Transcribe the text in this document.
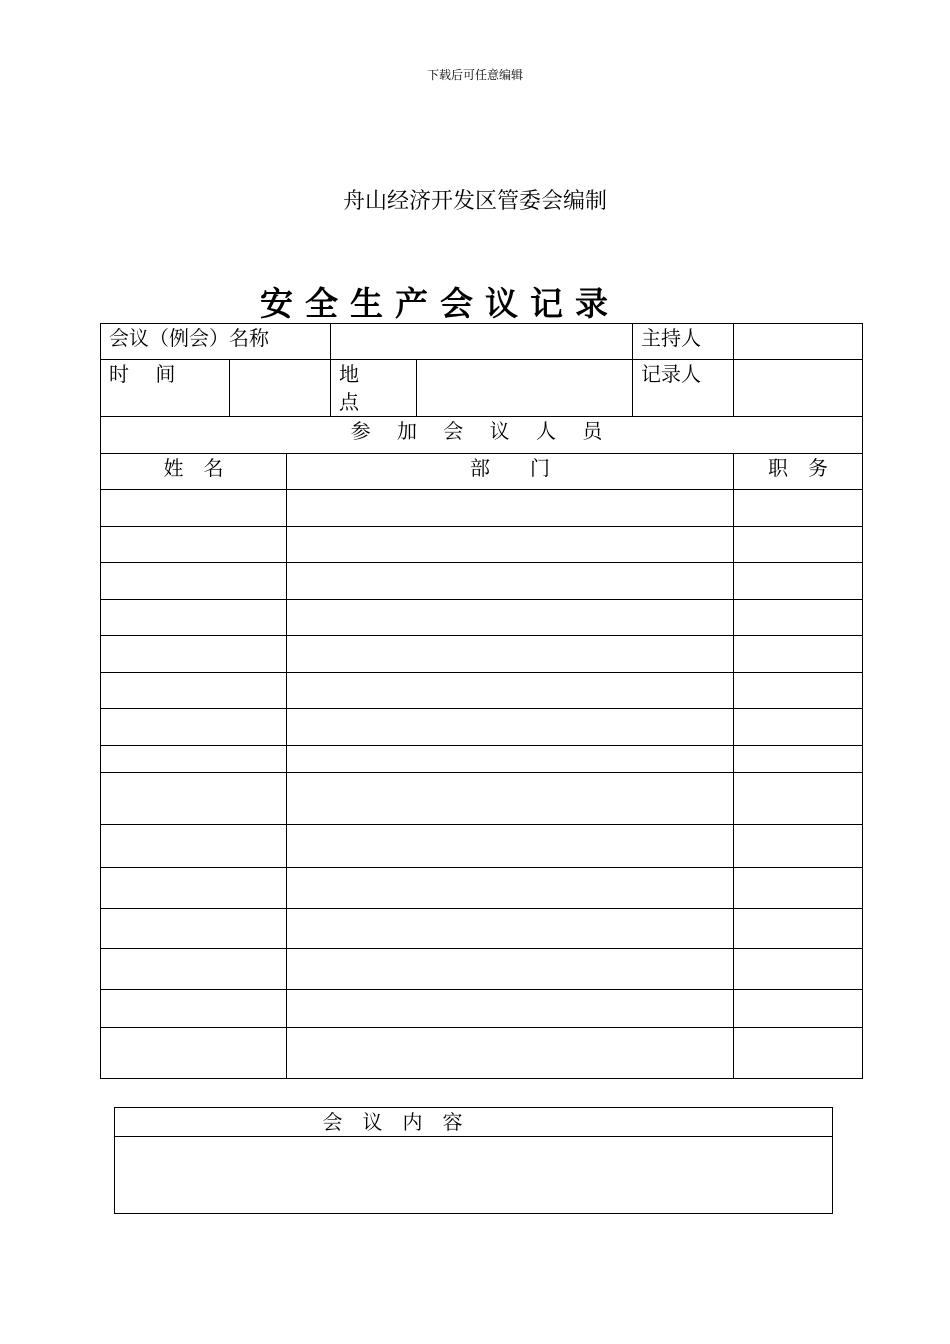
下载后可任意编辑
舟山经济开发区管委会编制
安全生产会议记录
会议（例会）名称					主持人	
时 间			地 点		记录人	
参 加 会 议 人 员						
姓　名		部　　门				职　务

会　议　内　容
